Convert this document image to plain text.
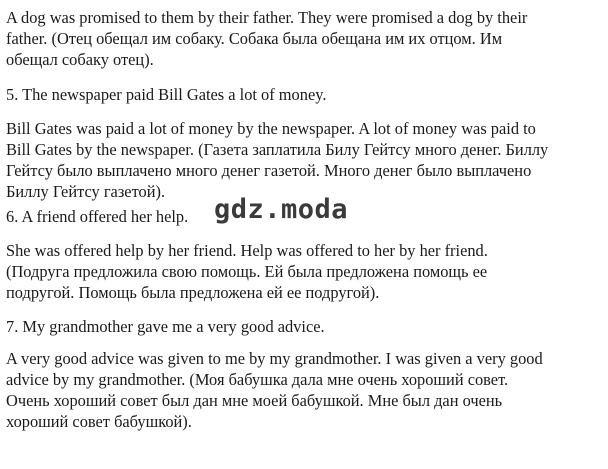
A dog was promised to them by their father. They were promised a dog by their
father. (Отец обещал им собаку. Собака была обещана им их отцом. Им
обещал собаку отец).

5. The newspaper paid Bill Gates a lot of money.

Bill Gates was paid a lot of money by the newspaper. A lot of money was paid to
Bill Gates by the newspaper. (Газета заплатила Билу Гейтсу много денег. Биллу
Гейтсу было выплачено много денег газетой. Много денег было выплачено
Биллу Гейтсу газетой).

6. A friend offered her help.

She was offered help by her friend. Help was offered to her by her friend.
(Подруга предложила свою помощь. Ей была предложена помощь ее
подругой. Помощь была предложена ей ее подругой).

7. My grandmother gave me a very good advice.

A very good advice was given to me by my grandmother. I was given a very good
advice by my grandmother. (Моя бабушка дала мне очень хороший совет.
Очень хороший совет был дан мне моей бабушкой. Мне был дан очень
хороший совет бабушкой).

gdz.moda
